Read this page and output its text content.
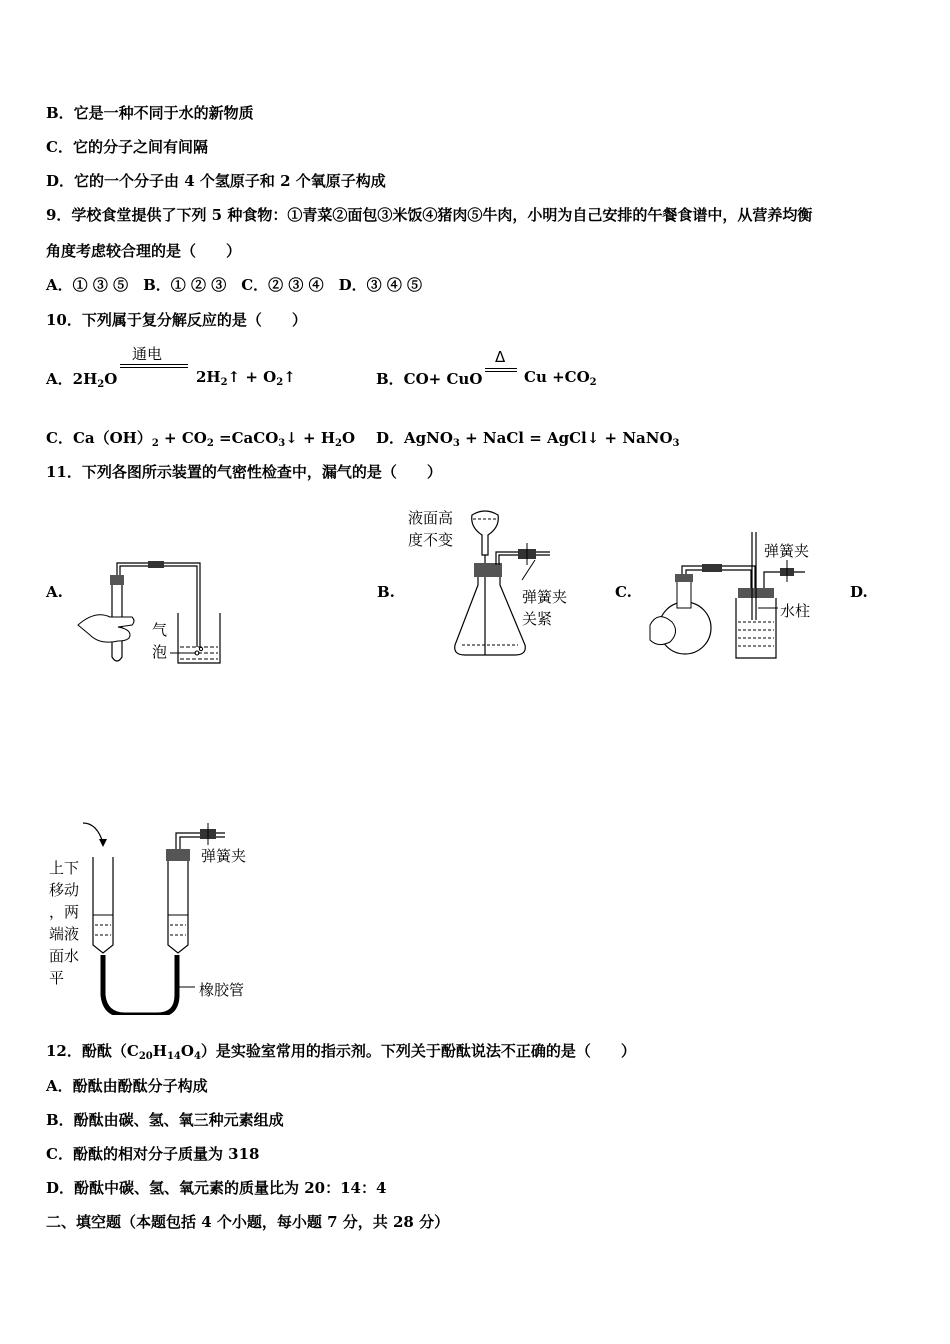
B．它是一种不同于水的新物质
C．它的分子之间有间隔
D．它的一个分子由 4 个氢原子和 2 个氧原子构成
9．学校食堂提供了下列 5 种食物：①青菜②面包③米饭④猪肉⑤牛肉，小明为自己安排的午餐食谱中，从营养均衡
角度考虑较合理的是（　　）
A．① ③ ⑤　B．① ② ③　C．② ③ ④　D．③ ④ ⑤
10．下列属于复分解反应的是（　　）
A．$2H_2O$
通电
$2H_2↑$ + $O_2↑$	B．CO+ CuO
Δ
$Cu +CO_2$
C．$Ca(OH)_2 + CO_2$ =CaCO$_3$↓ + $H_2O$ D．AgNO$_3$ + NaCl = AgCl↓ + NaNO$_3$
11．下列各图所示装置的气密性检查中，漏气的是（　　）
A.	B.	C.	D.
气
泡
液面高
度不变
弹簧夹
关紧
弹簧夹
水柱
上下
移动
，两
端液
面水
平
弹簧夹
橡胶管
12．酚酞$(C_{20}H_{14}O_4)$是实验室常用的指示剂。下列关于酚酞说法不正确的是（　　）
A．酚酞由酚酞分子构成
B．酚酞由碳、氢、氧三种元素组成
C．酚酞的相对分子质量为 318
D．酚酞中碳、氢、氧元素的质量比为 20：14：4
二、填空题（本题包括 4 个小题，每小题 7 分，共 28 分）
